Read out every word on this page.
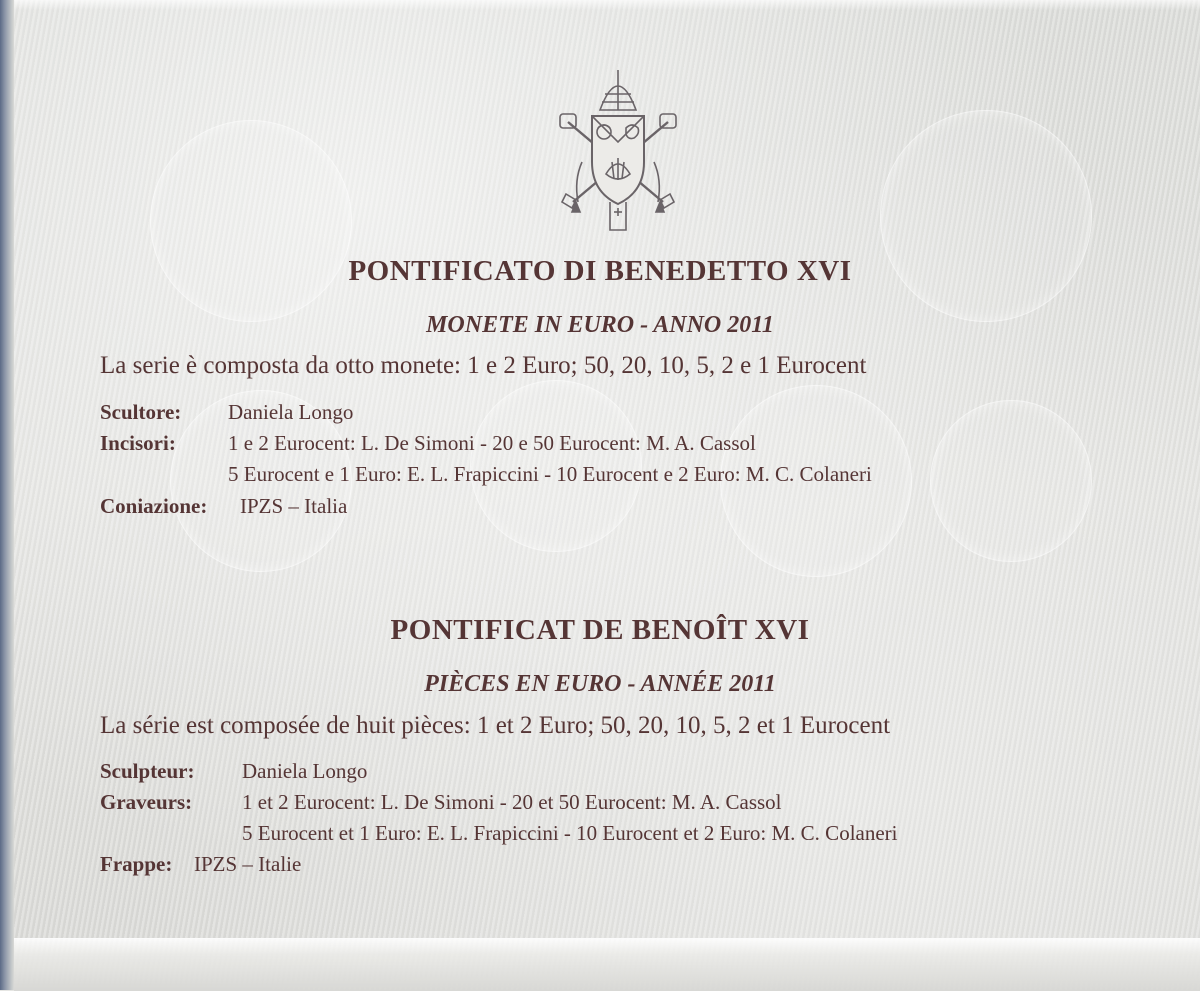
PONTIFICATO DI BENEDETTO XVI
MONETE IN EURO - ANNO 2011
La serie è composta da otto monete: 1 e 2 Euro; 50, 20, 10, 5, 2 e 1 Eurocent
Scultore: Daniela Longo
Incisori: 1 e 2 Eurocent: L. De Simoni - 20 e 50 Eurocent: M. A. Cassol
5 Eurocent e 1 Euro: E. L. Frapiccini - 10 Eurocent e 2 Euro: M. C. Colaneri
Coniazione: IPZS – Italia
PONTIFICAT DE BENOÎT XVI
PIÈCES EN EURO - ANNÉE 2011
La série est composée de huit pièces: 1 et 2 Euro; 50, 20, 10, 5, 2 et 1 Eurocent
Sculpteur: Daniela Longo
Graveurs: 1 et 2 Eurocent: L. De Simoni - 20 et 50 Eurocent: M. A. Cassol
5 Eurocent et 1 Euro: E. L. Frapiccini - 10 Eurocent et 2 Euro: M. C. Colaneri
Frappe: IPZS – Italie
